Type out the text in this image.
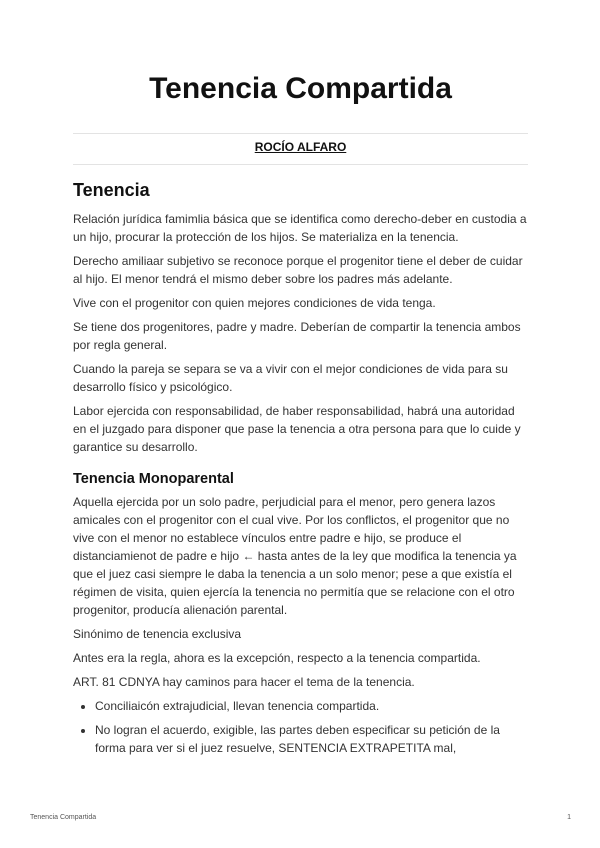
Tenencia Compartida
ROCÍO ALFARO
Tenencia

Relación jurídica famimlia básica que se identifica como derecho-deber en custodia a un hijo, procurar la protección de los hijos. Se materializa en la tenencia.

Derecho amiliaar subjetivo se reconoce porque el progenitor tiene el deber de cuidar al hijo. El menor tendrá el mismo deber sobre los padres más adelante.

Vive con el progenitor con quien mejores condiciones de vida tenga.

Se tiene dos progenitores, padre y madre. Deberían de compartir la tenencia ambos por regla general.

Cuando la pareja se separa se va a vivir con el mejor condiciones de vida para su desarrollo físico y psicológico.

Labor ejercida con responsabilidad, de haber responsabilidad, habrá una autoridad en el juzgado para disponer que pase la tenencia a otra persona para que lo cuide y garantice su desarrollo.

Tenencia Monoparental

Aquella ejercida por un solo padre, perjudicial para el menor, pero genera lazos amicales con el progenitor con el cual vive. Por los conflictos, el progenitor que no vive con el menor no establece vínculos entre padre e hijo, se produce el distanciamienot de padre e hijo ← hasta antes de la ley que modifica la tenencia ya que el juez casi siempre le daba la tenencia a un solo menor; pese a que existía el régimen de visita, quien ejercía la tenencia no permitía que se relacione con el otro progenitor, producía alienación parental.

Sinónimo de tenencia exclusiva

Antes era la regla, ahora es la excepción, respecto a la tenencia compartida.

ART. 81 CDNYA hay caminos para hacer el tema de la tenencia.

• Conciliaicón extrajudicial, llevan tenencia compartida.
• No logran el acuerdo, exigible, las partes deben especificar su petición de la forma para ver si el juez resuelve, SENTENCIA EXTRAPETITA mal,
Tenencia Compartida	1
